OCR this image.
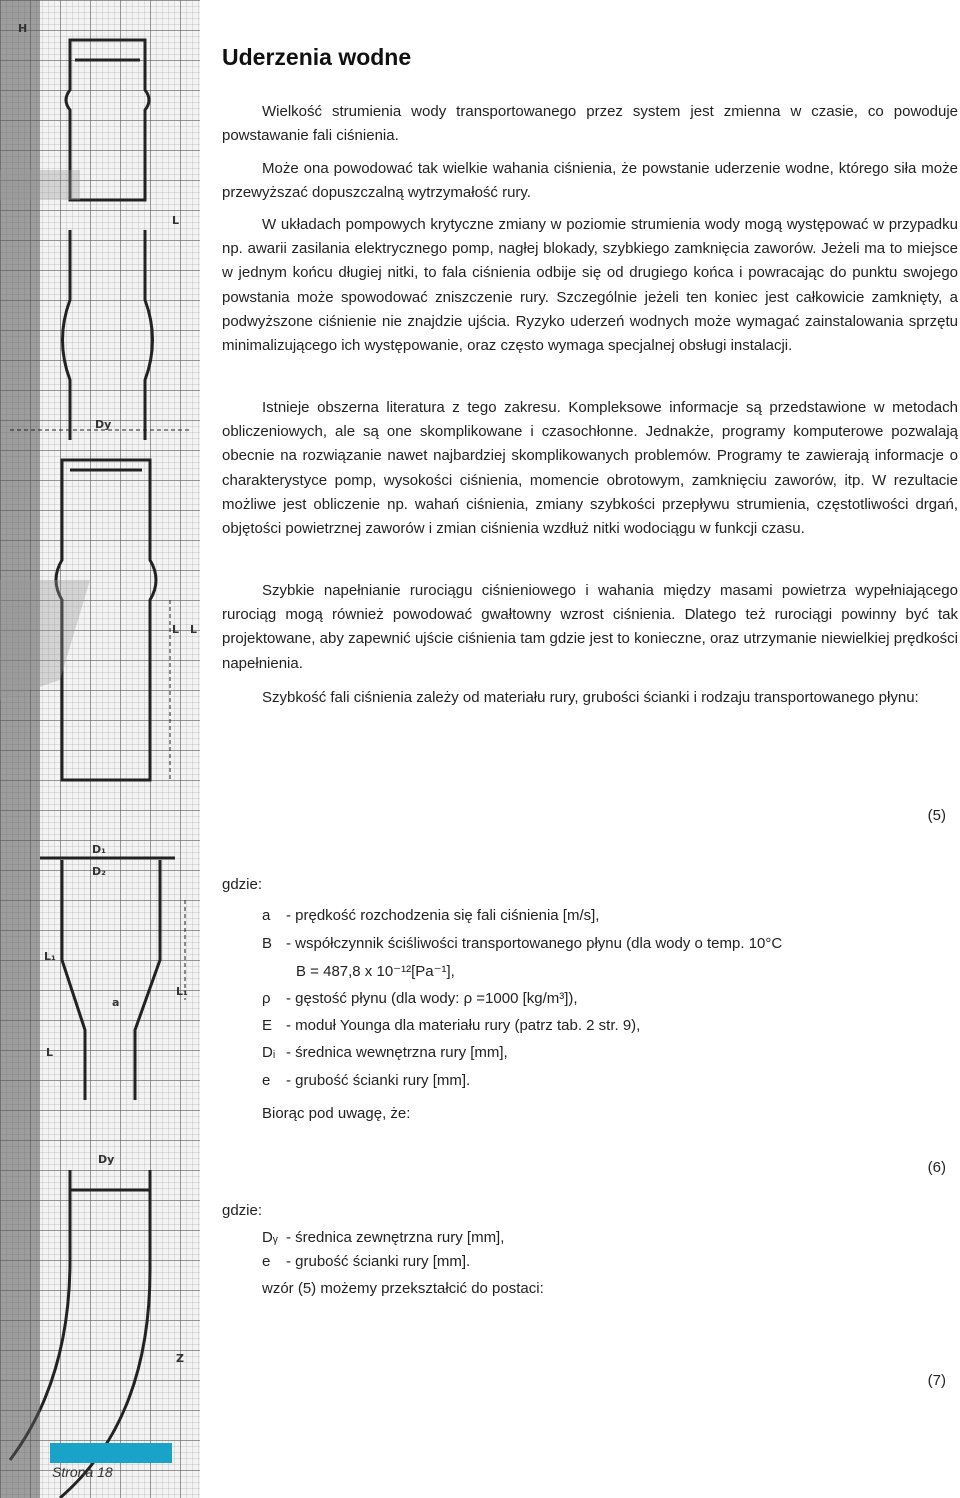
H
L
Dy
L L
D₁
D₂
L₁
a
L₁
L
Dy
Z
Strona 18
Uderzenia wodne

Wielkość strumienia wody transportowanego przez system jest zmienna w czasie, co powoduje powstawanie fali ciśnienia.

Może ona powodować tak wielkie wahania ciśnienia, że powstanie uderzenie wodne, którego siła może przewyższać dopuszczalną wytrzymałość rury.

W układach pompowych krytyczne zmiany w poziomie strumienia wody mogą występować w przypadku np. awarii zasilania elektrycznego pomp, nagłej blokady, szybkiego zamknięcia zaworów. Jeżeli ma to miejsce w jednym końcu długiej nitki, to fala ciśnienia odbije się od drugiego końca i powracając do punktu swojego powstania może spowodować zniszczenie rury. Szczególnie jeżeli ten koniec jest całkowicie zamknięty, a podwyższone ciśnienie nie znajdzie ujścia. Ryzyko uderzeń wodnych może wymagać zainstalowania sprzętu minimalizującego ich występowanie, oraz często wymaga specjalnej obsługi instalacji.

Istnieje obszerna literatura z tego zakresu. Kompleksowe informacje są przedstawione w metodach obliczeniowych, ale są one skomplikowane i czasochłonne. Jednakże, programy komputerowe pozwalają obecnie na rozwiązanie nawet najbardziej skomplikowanych problemów. Programy te zawierają informacje o charakterystyce pomp, wysokości ciśnienia, momencie obrotowym, zamknięciu zaworów, itp. W rezultacie możliwe jest obliczenie np. wahań ciśnienia, zmiany szybkości przepływu strumienia, częstotliwości drgań, objętości powietrznej zaworów i zmian ciśnienia wzdłuż nitki wodociągu w funkcji czasu.

Szybkie napełnianie rurociągu ciśnieniowego i wahania między masami powietrza wypełniającego rurociąg mogą również powodować gwałtowny wzrost ciśnienia. Dlatego też rurociągi powinny być tak projektowane, aby zapewnić ujście ciśnienia tam gdzie jest to konieczne, oraz utrzymanie niewielkiej prędkości napełnienia.

Szybkość fali ciśnienia zależy od materiału rury, grubości ścianki i rodzaju transportowanego płynu:

(5)
gdzie:
a - prędkość rozchodzenia się fali ciśnienia [m/s],
B - współczynnik ściśliwości transportowanego płynu (dla wody o temp. 10°C
B = 487,8 x 10⁻¹²[Pa⁻¹],
ρ - gęstość płynu (dla wody: ρ =1000 [kg/m³]),
E - moduł Younga dla materiału rury (patrz tab. 2 str. 9),
Dᵢ - średnica wewnętrzna rury [mm],
e - grubość ścianki rury [mm].
Biorąc pod uwagę, że:
(6)
gdzie:
Dᵧ - średnica zewnętrzna rury [mm],
e - grubość ścianki rury [mm].
wzór (5) możemy przekształcić do postaci:
(7)
